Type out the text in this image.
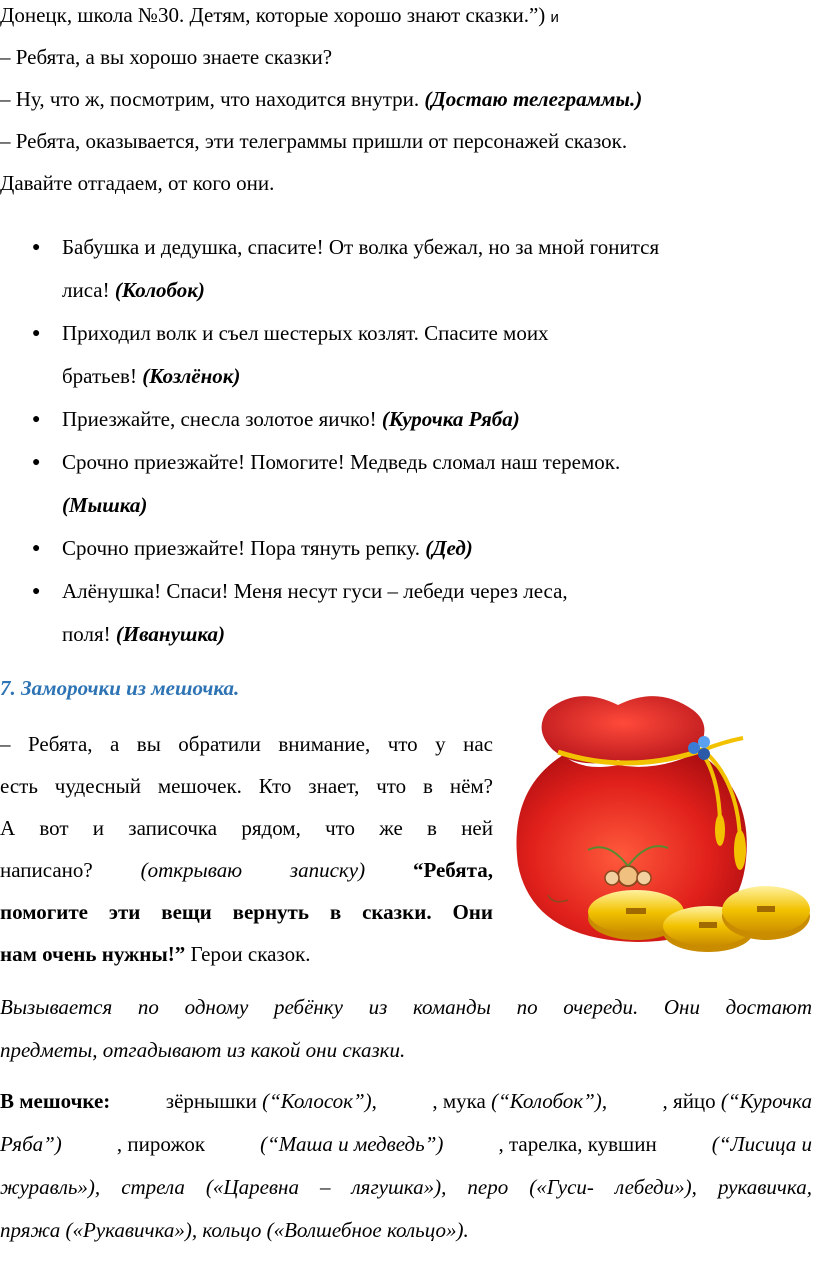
Донецк, школа №30. Детям, которые хорошо знают сказки.”) и
– Ребята, а вы хорошо знаете сказки?
– Ну, что ж, посмотрим, что находится внутри. (Достаю телеграммы.)
– Ребята, оказывается, эти телеграммы пришли от персонажей сказок.
Давайте отгадаем, от кого они.
● Бабушка и дедушка, спасите! От волка убежал, но за мной гонится
лиса! (Колобок)
● Приходил волк и съел шестерых козлят. Спасите моих
братьев! (Козлёнок)
● Приезжайте, снесла золотое яичко! (Курочка Ряба)
● Срочно приезжайте! Помогите! Медведь сломал наш теремок.
(Мышка)
● Срочно приезжайте! Пора тянуть репку. (Дед)
● Алёнушка! Спаси! Меня несут гуси – лебеди через леса,
поля! (Иванушка)
7. Заморочки из мешочка.
– Ребята, а вы обратили внимание, что у нас
есть чудесный мешочек. Кто знает, что в нём?
А вот и записочка рядом, что же в ней
написано? (открываю записку) “Ребята,
помогите эти вещи вернуть в сказки. Они
нам очень нужны!” Герои сказок.

Вызывается по одному ребёнку из команды по очереди. Они достают

предметы, отгадывают из какой они сказки.

В мешочке:	зёрнышки (“Колосок”),	, мука (“Колобок”),	, яйцо (“Курочка

Ряба”)	, пирожок	(“Маша и медведь”)	, тарелка, кувшин	(“Лисица и

журавль»), стрела («Царевна – лягушка»), перо («Гуси- лебеди»), рукавичка,

пряжа («Рукавичка»), кольцо («Волшебное кольцо»).
